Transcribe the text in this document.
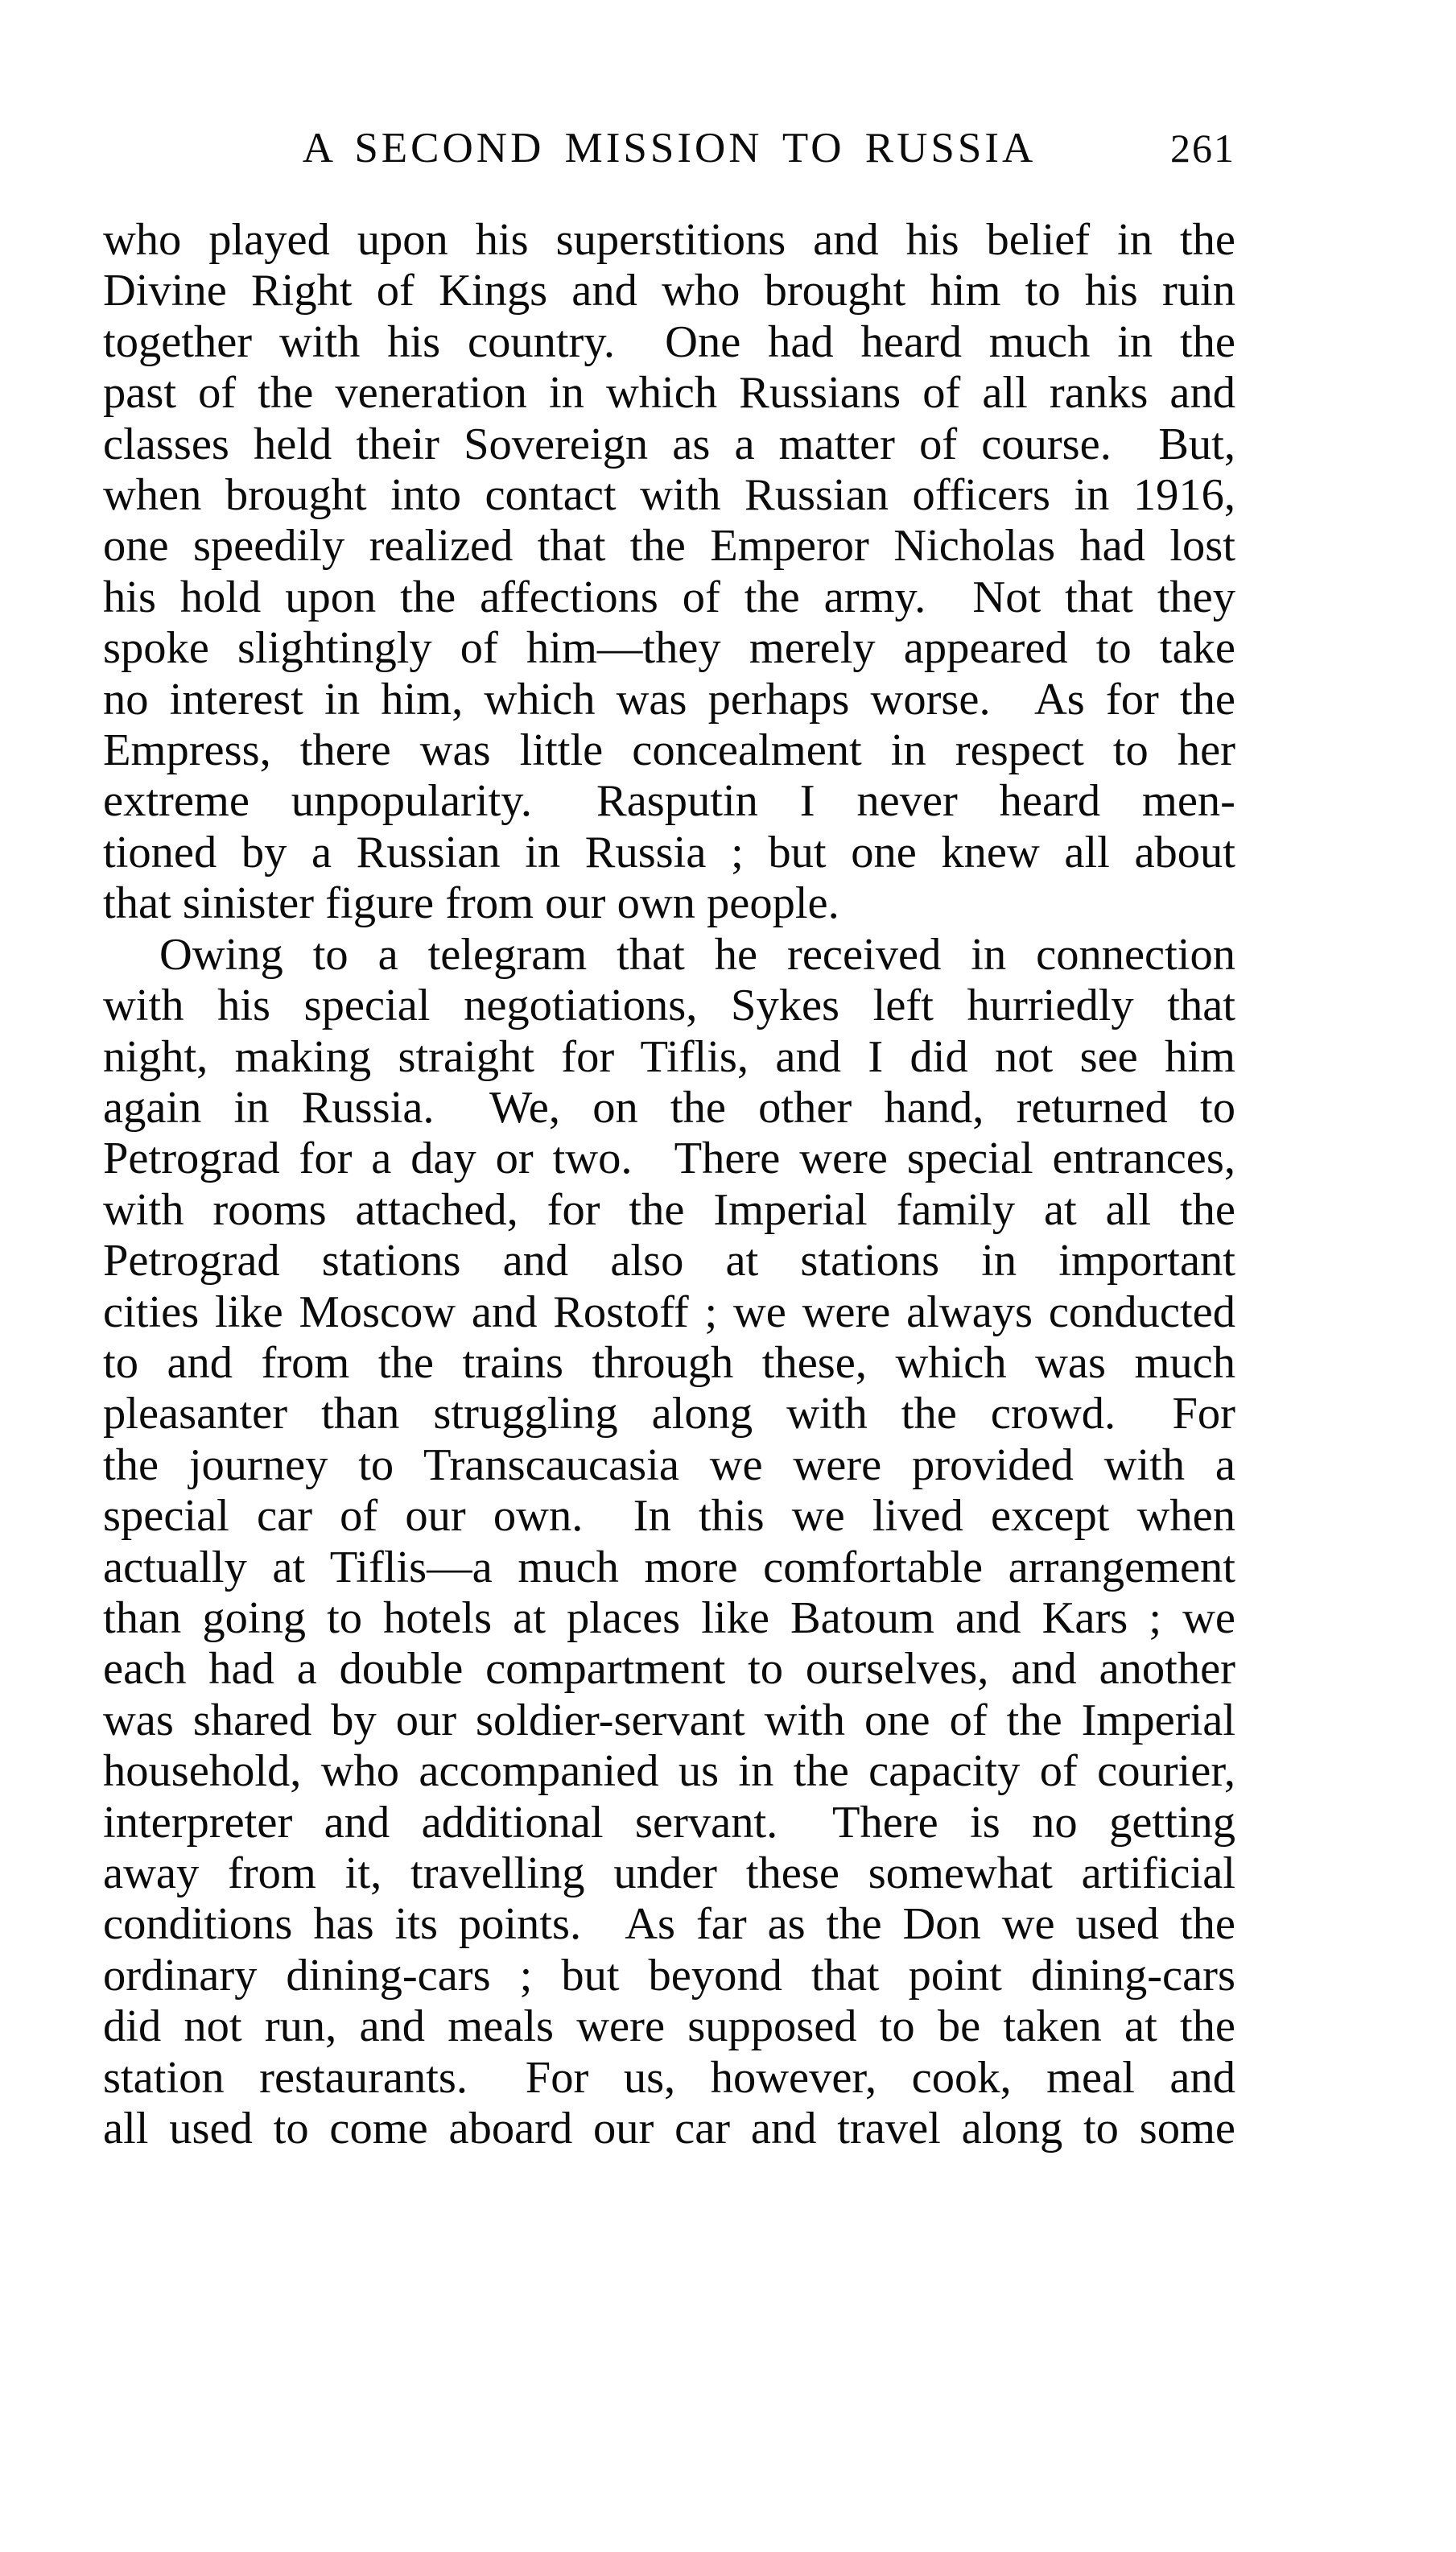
A SECOND MISSION TO RUSSIA	261
who played upon his superstitions and his belief in the
Divine Right of Kings and who brought him to his ruin
together with his country.  One had heard much in the
past of the veneration in which Russians of all ranks and
classes held their Sovereign as a matter of course.  But,
when brought into contact with Russian officers in 1916,
one speedily realized that the Emperor Nicholas had lost
his hold upon the affections of the army.  Not that they
spoke slightingly of him—they merely appeared to take
no interest in him, which was perhaps worse.  As for the
Empress, there was little concealment in respect to her
extreme unpopularity.  Rasputin I never heard men-
tioned by a Russian in Russia ; but one knew all about
that sinister figure from our own people.
Owing to a telegram that he received in connection
with his special negotiations, Sykes left hurriedly that
night, making straight for Tiflis, and I did not see him
again in Russia.  We, on the other hand, returned to
Petrograd for a day or two.  There were special entrances,
with rooms attached, for the Imperial family at all the
Petrograd stations and also at stations in important
cities like Moscow and Rostoff ; we were always conducted
to and from the trains through these, which was much
pleasanter than struggling along with the crowd.  For
the journey to Transcaucasia we were provided with a
special car of our own.  In this we lived except when
actually at Tiflis—a much more comfortable arrangement
than going to hotels at places like Batoum and Kars ; we
each had a double compartment to ourselves, and another
was shared by our soldier-servant with one of the Imperial
household, who accompanied us in the capacity of courier,
interpreter and additional servant.  There is no getting
away from it, travelling under these somewhat artificial
conditions has its points.  As far as the Don we used the
ordinary dining-cars ; but beyond that point dining-cars
did not run, and meals were supposed to be taken at the
station restaurants.  For us, however, cook, meal and
all used to come aboard our car and travel along to some
